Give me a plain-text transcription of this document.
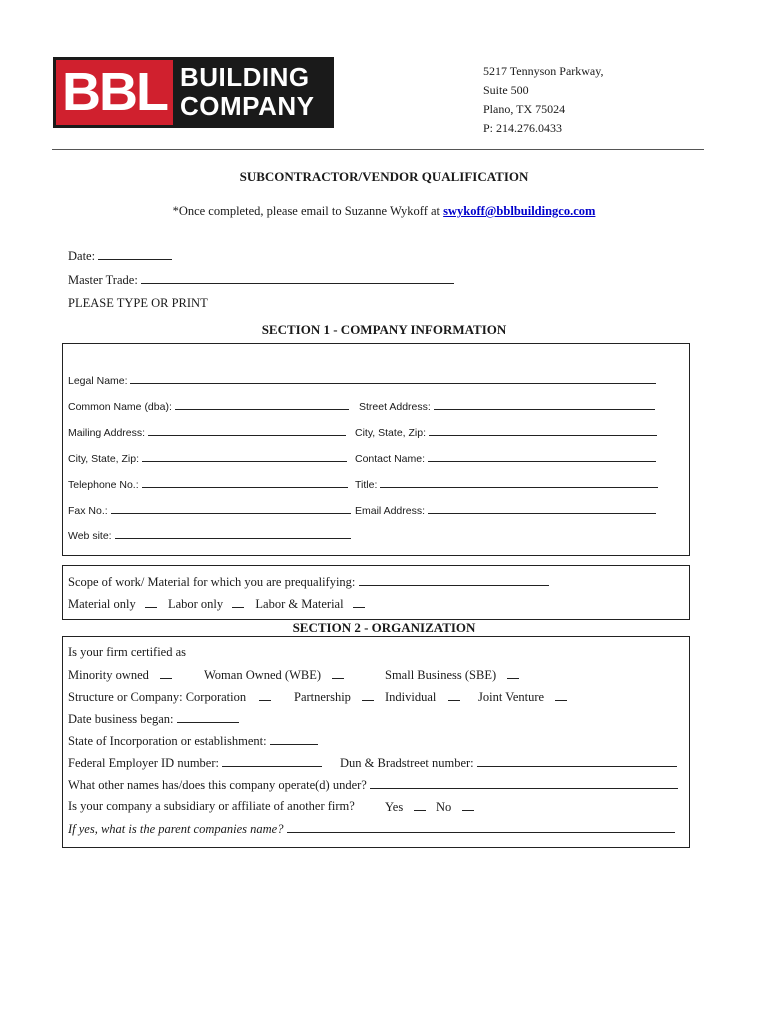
BBL BUILDING
COMPANY
5217 Tennyson Parkway,
Suite 500
Plano, TX 75024
P: 214.276.0433
SUBCONTRACTOR/VENDOR QUALIFICATION
*Once completed, please email to Suzanne Wykoff at swykoff@bblbuildingco.com
Date:
Master Trade:
PLEASE TYPE OR PRINT
SECTION 1 - COMPANY INFORMATION
Legal Name:
Common Name (dba):	Street Address:
Mailing Address:	City, State, Zip:
City, State, Zip:	Contact Name:
Telephone No.:	Title:
Fax No.:	Email Address:
Web site:
Scope of work/ Material for which you are prequalifying:
Material only	Labor only	Labor & Material
SECTION 2 - ORGANIZATION
Is your firm certified as
Minority owned	Woman Owned (WBE)	Small Business (SBE)
Structure or Company: Corporation	Partnership	Individual	Joint Venture
Date business began:
State of Incorporation or establishment:
Federal Employer ID number:	Dun & Bradstreet number:
What other names has/does this company operate(d) under?
Is your company a subsidiary or affiliate of another firm? Yes	No
If yes, what is the parent companies name?
